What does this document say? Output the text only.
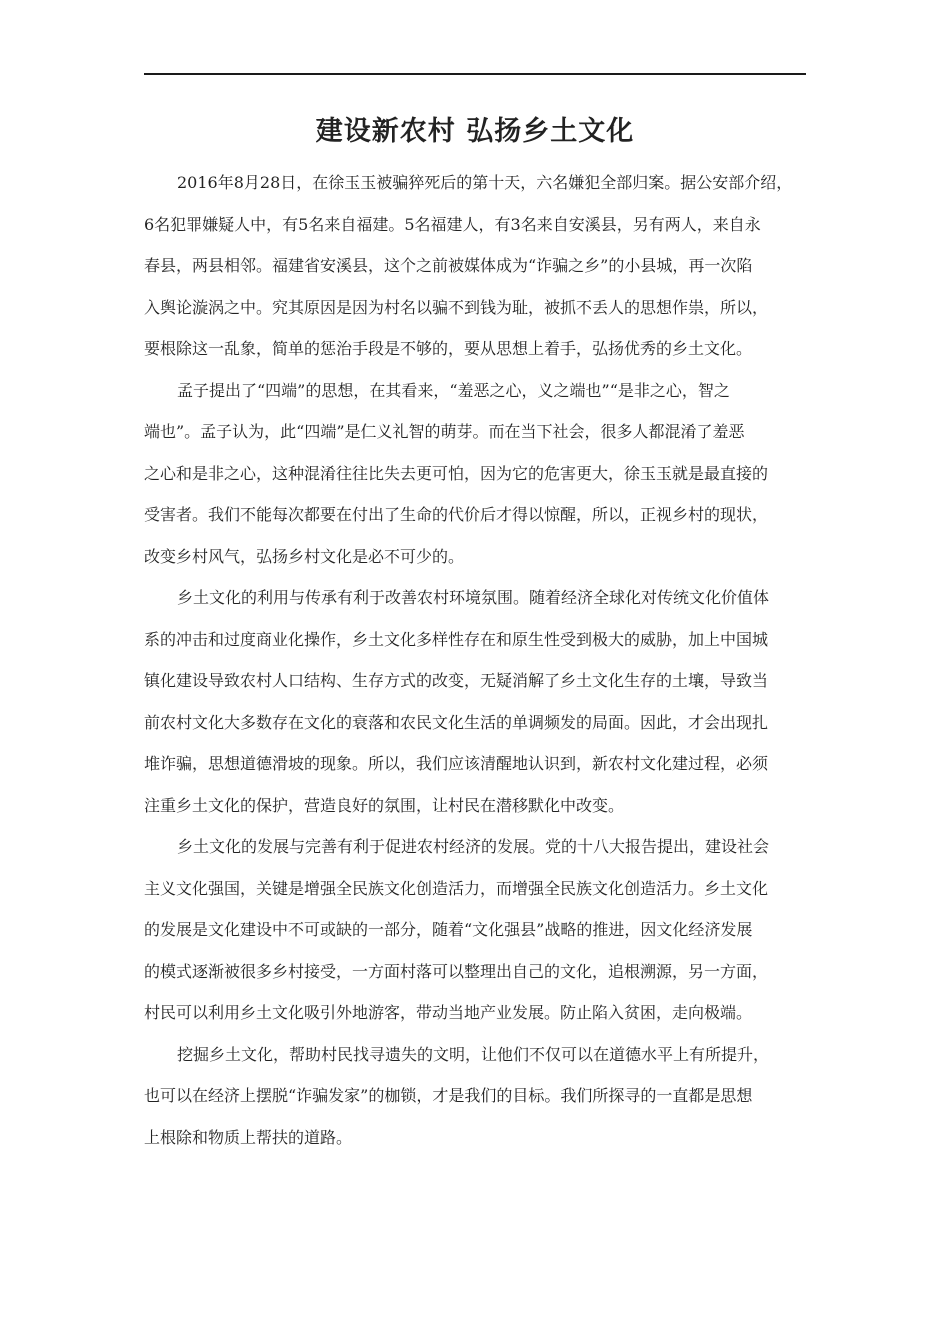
建设新农村 弘扬乡土文化
2016年8月28日，在徐玉玉被骗猝死后的第十天，六名嫌犯全部归案。据公安部介绍，
6名犯罪嫌疑人中，有5名来自福建。5名福建人，有3名来自安溪县，另有两人，来自永
春县，两县相邻。福建省安溪县，这个之前被媒体成为“诈骗之乡”的小县城，再一次陷
入舆论漩涡之中。究其原因是因为村名以骗不到钱为耻，被抓不丢人的思想作祟，所以，
要根除这一乱象，简单的惩治手段是不够的，要从思想上着手，弘扬优秀的乡土文化。
孟子提出了“四端”的思想，在其看来，“羞恶之心，义之端也”“是非之心，智之
端也”。孟子认为，此“四端”是仁义礼智的萌芽。而在当下社会，很多人都混淆了羞恶
之心和是非之心，这种混淆往往比失去更可怕，因为它的危害更大，徐玉玉就是最直接的
受害者。我们不能每次都要在付出了生命的代价后才得以惊醒，所以，正视乡村的现状，
改变乡村风气，弘扬乡村文化是必不可少的。
乡土文化的利用与传承有利于改善农村环境氛围。随着经济全球化对传统文化价值体
系的冲击和过度商业化操作，乡土文化多样性存在和原生性受到极大的威胁，加上中国城
镇化建设导致农村人口结构、生存方式的改变，无疑消解了乡土文化生存的土壤，导致当
前农村文化大多数存在文化的衰落和农民文化生活的单调频发的局面。因此，才会出现扎
堆诈骗，思想道德滑坡的现象。所以，我们应该清醒地认识到，新农村文化建过程，必须
注重乡土文化的保护，营造良好的氛围，让村民在潜移默化中改变。
乡土文化的发展与完善有利于促进农村经济的发展。党的十八大报告提出，建设社会
主义文化强国，关键是增强全民族文化创造活力，而增强全民族文化创造活力。乡土文化
的发展是文化建设中不可或缺的一部分，随着“文化强县”战略的推进，因文化经济发展
的模式逐渐被很多乡村接受，一方面村落可以整理出自己的文化，追根溯源，另一方面，
村民可以利用乡土文化吸引外地游客，带动当地产业发展。防止陷入贫困，走向极端。
挖掘乡土文化，帮助村民找寻遗失的文明，让他们不仅可以在道德水平上有所提升，
也可以在经济上摆脱“诈骗发家”的枷锁，才是我们的目标。我们所探寻的一直都是思想
上根除和物质上帮扶的道路。
